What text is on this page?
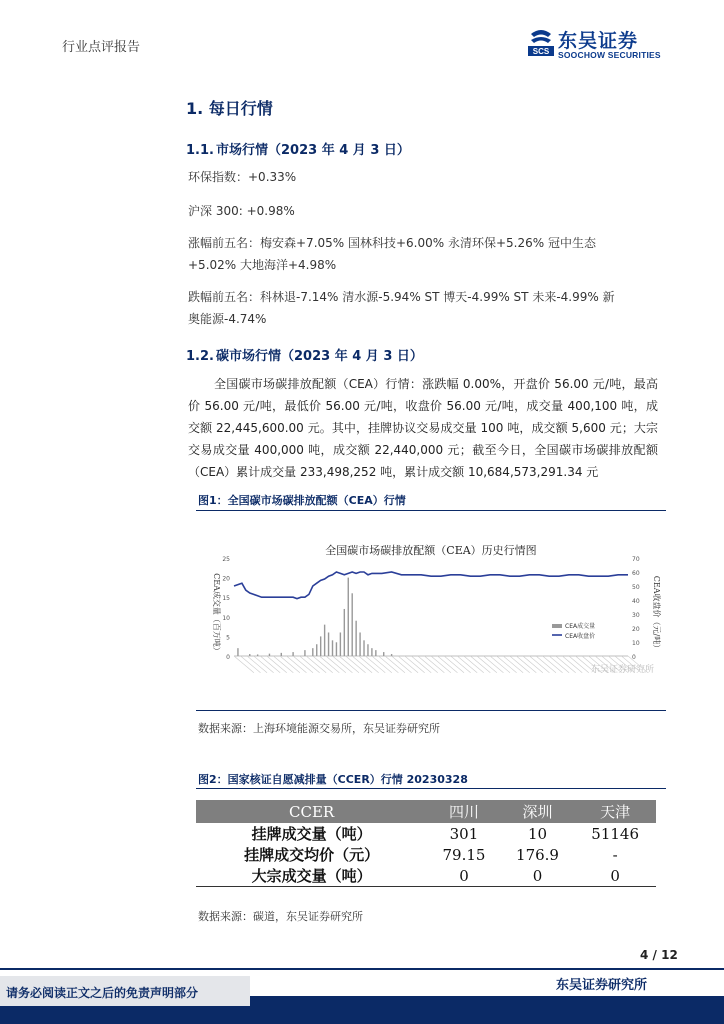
行业点评报告	SCS 东吴证券
SOOCHOW SECURITIES
1. 每日行情
1.1. 市场行情（2023 年 4 月 3 日）
环保指数：+0.33%
沪深 300: +0.98%
涨幅前五名：梅安森+7.05% 国林科技+6.00% 永清环保+5.26% 冠中生态
+5.02% 大地海洋+4.98%
跌幅前五名：科林退-7.14% 清水源-5.94% ST 博天-4.99% ST 未来-4.99% 新
奥能源-4.74%
1.2. 碳市场行情（2023 年 4 月 3 日）
全国碳市场碳排放配额（CEA）行情：涨跌幅 0.00%，开盘价 56.00 元/吨，最高价 56.00 元/吨，最低价 56.00 元/吨，收盘价 56.00 元/吨，成交量 400,100 吨，成交额 22,445,600.00 元。其中，挂牌协议交易成交量 100 吨，成交额 5,600 元；大宗交易成交量 400,000 吨，成交额 22,440,000 元；截至今日，全国碳市场碳排放配额（CEA）累计成交量 233,498,252 吨，累计成交额 10,684,573,291.34 元
图1：全国碳市场碳排放配额（CEA）行情
全国碳市场碳排放配额（CEA）历史行情图
0
5
10
15
20
25
0
10
20
30
40
50
60
70
CEA成交量（百万吨）	CEA收盘价（元/吨）
CEA成交量
CEA收盘价
东吴证券研究所
数据来源：上海环境能源交易所，东吴证券研究所
图2：国家核证自愿减排量（CCER）行情 20230328
CCER	四川	深圳	天津
挂牌成交量（吨）	301	10	51146
挂牌成交均价（元）	79.15	176.9	-
大宗成交量（吨）	0	0	0
数据来源：碳道，东吴证券研究所
4 / 12
东吴证券研究所
请务必阅读正文之后的免责声明部分
